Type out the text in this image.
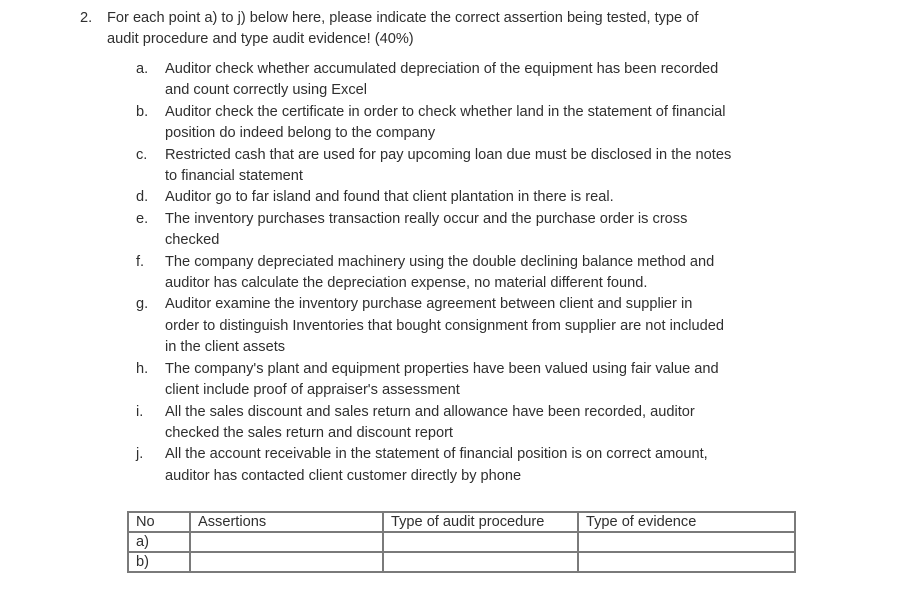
2. For each point a) to j) below here, please indicate the correct assertion being tested, type of
audit procedure and type audit evidence! (40%)
a. Auditor check whether accumulated depreciation of the equipment has been recorded
and count correctly using Excel
b. Auditor check the certificate in order to check whether land in the statement of financial
position do indeed belong to the company
c. Restricted cash that are used for pay upcoming loan due must be disclosed in the notes
to financial statement
d. Auditor go to far island and found that client plantation in there is real.
e. The inventory purchases transaction really occur and the purchase order is cross
checked
f. The company depreciated machinery using the double declining balance method and
auditor has calculate the depreciation expense, no material different found.
g. Auditor examine the inventory purchase agreement between client and supplier in
order to distinguish Inventories that bought consignment from supplier are not included
in the client assets
h. The company's plant and equipment properties have been valued using fair value and
client include proof of appraiser's assessment
i. All the sales discount and sales return and allowance have been recorded, auditor
checked the sales return and discount report
j. All the account receivable in the statement of financial position is on correct amount,
auditor has contacted client customer directly by phone
No	Assertions	Type of audit procedure	Type of evidence
a)			
b)			
